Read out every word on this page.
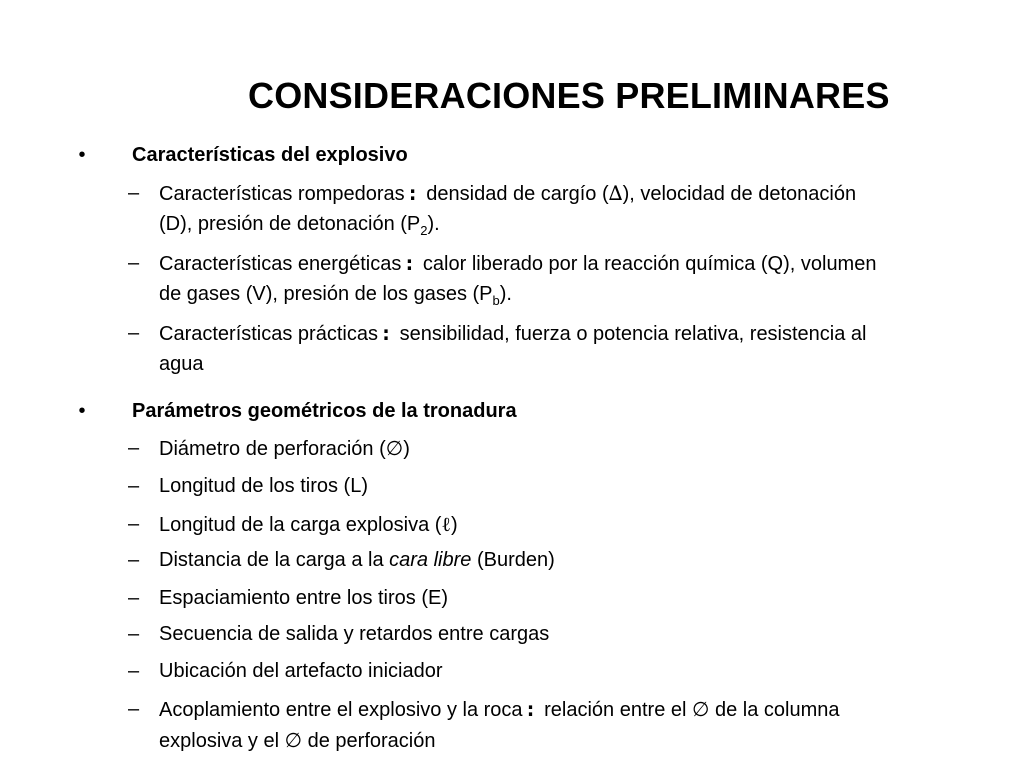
CONSIDERACIONES PRELIMINARES
•	Características del explosivo
– Características rompedoras : densidad de cargío (∆), velocidad de detonación (D), presión de detonación $(P_2)$.
– Características energéticas : calor liberado por la reacción química (Q), volumen de gases (V), presión de los gases $(P_b)$.
– Características prácticas : sensibilidad, fuerza o potencia relativa, resistencia al agua
•	Parámetros geométricos de la tronadura
– Diámetro de perforación (∅)
– Longitud de los tiros (L)
– Longitud de la carga explosiva (ℓ)
– Distancia de la carga a la cara libre (Burden)
– Espaciamiento entre los tiros (E)
– Secuencia de salida y retardos entre cargas
– Ubicación del artefacto iniciador
– Acoplamiento entre el explosivo y la roca : relación entre el ∅ de la columna explosiva y el ∅ de perforación
